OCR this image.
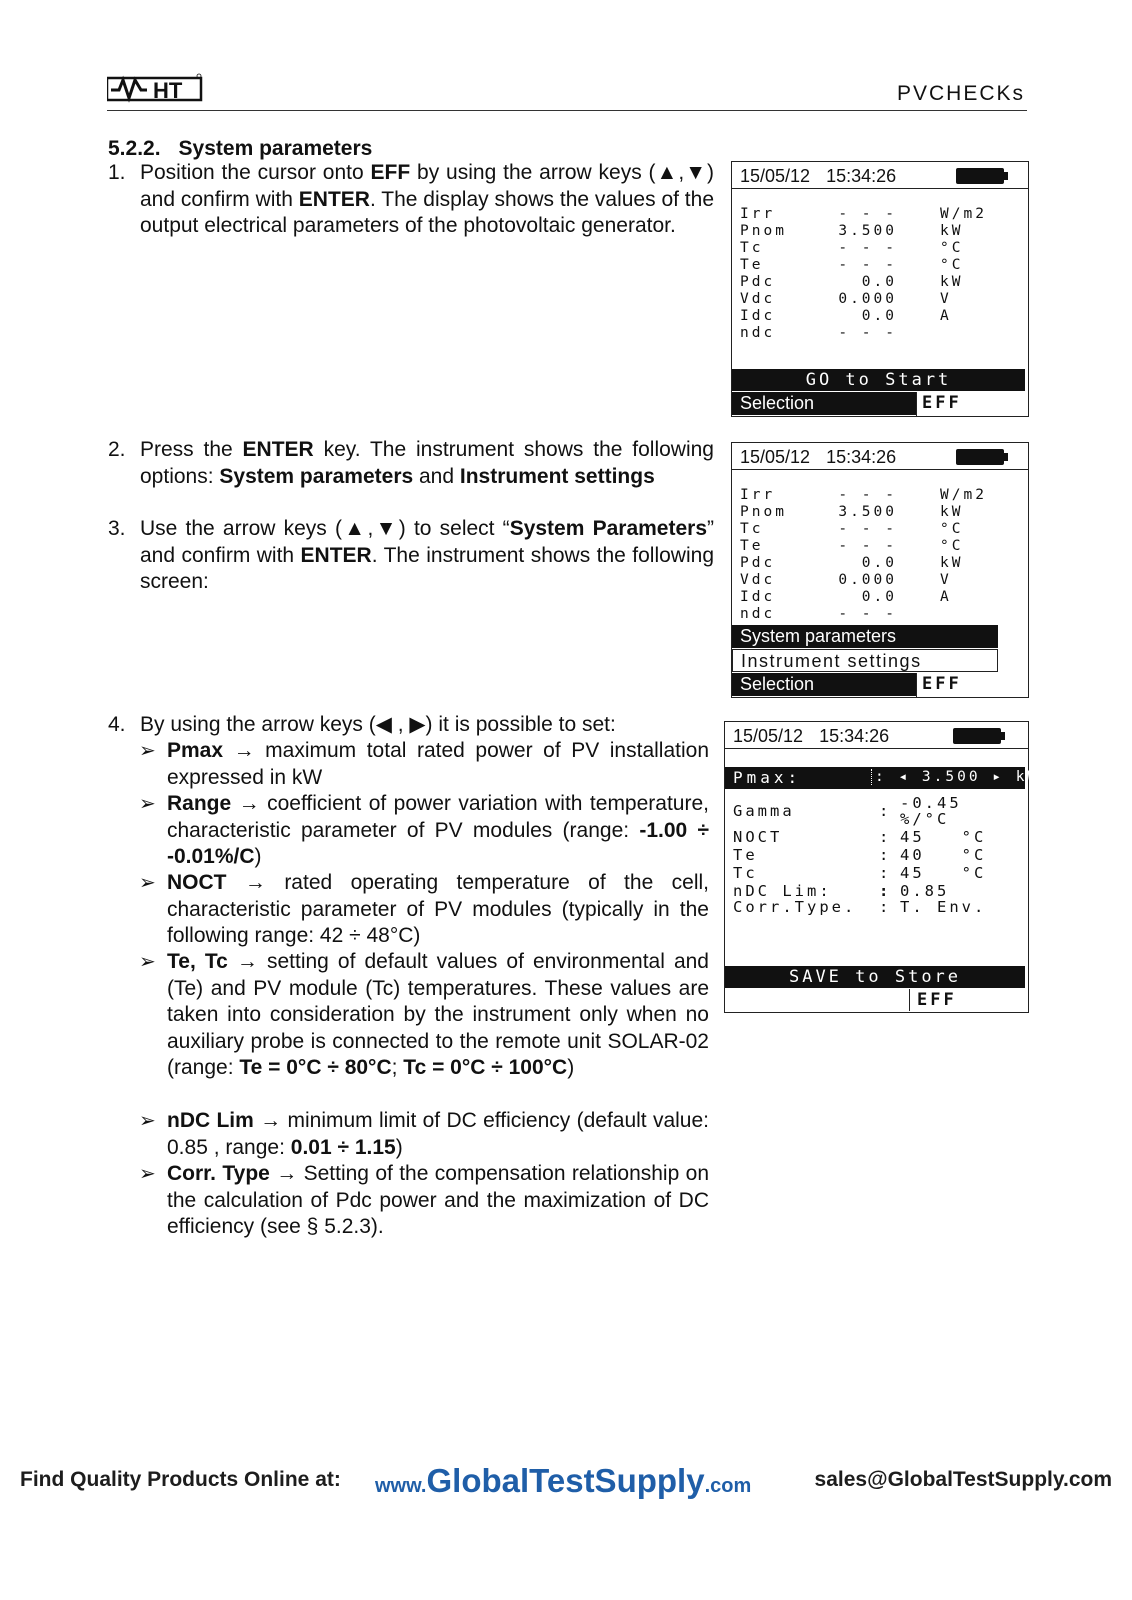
HT	PVCHECKs
5.2.2. System parameters
1. Position the cursor onto EFF by using the arrow keys (▲,▼) and confirm with ENTER. The display shows the values of the output electrical parameters of the photovoltaic generator.
15/05/12 15:34:26
Irr	- - -	W/m2
Pnom	3.500	kW
Tc	- - -	°C
Te	- - -	°C
Pdc	0.0	kW
Vdc	0.000	V
Idc	0.0	A
ndc	- - -
GO to Start
Selection	EFF
2. Press the ENTER key. The instrument shows the following options: System parameters and Instrument settings
3. Use the arrow keys (▲,▼) to select “System Parameters” and confirm with ENTER. The instrument shows the following screen:
15/05/12 15:34:26
Irr	- - -	W/m2
Pnom	3.500	kW
Tc	- - -	°C
Te	- - -	°C
Pdc	0.0	kW
Vdc	0.000	V
Idc	0.0	A
ndc	- - -
System parameters
Instrument settings
Selection	EFF
4. By using the arrow keys (◀ , ▶) it is possible to set:
➢ Pmax → maximum total rated power of PV installation expressed in kW
➢ Range → coefficient of power variation with temperature, characteristic parameter of PV modules (range: -1.00 ÷ -0.01%/C)
➢ NOCT → rated operating temperature of the cell, characteristic parameter of PV modules (typically in the following range: 42 ÷ 48°C)
➢ Te, Tc → setting of default values of environmental and (Te) and PV module (Tc) temperatures. These values are taken into consideration by the instrument only when no auxiliary probe is connected to the remote unit SOLAR-02 (range: Te = 0°C ÷ 80°C; Tc = 0°C ÷ 100°C)
➢ nDC Lim → minimum limit of DC efficiency (default value: 0.85 , range: 0.01 ÷ 1.15)
➢ Corr. Type → Setting of the compensation relationship on the calculation of Pdc power and the maximization of DC efficiency (see § 5.2.3).
15/05/12 15:34:26
Pmax:	: ◂ 3.500 ▸ kW
Gamma	: -0.45
%/°C
NOCT	: 45   °C
Te	: 40   °C
Tc	: 45   °C
nDC Lim:	: 0.85
Corr.Type. : T. Env.
SAVE to Store
EFF
Find Quality Products Online at: www.GlobalTestSupply.com	sales@GlobalTestSupply.com
